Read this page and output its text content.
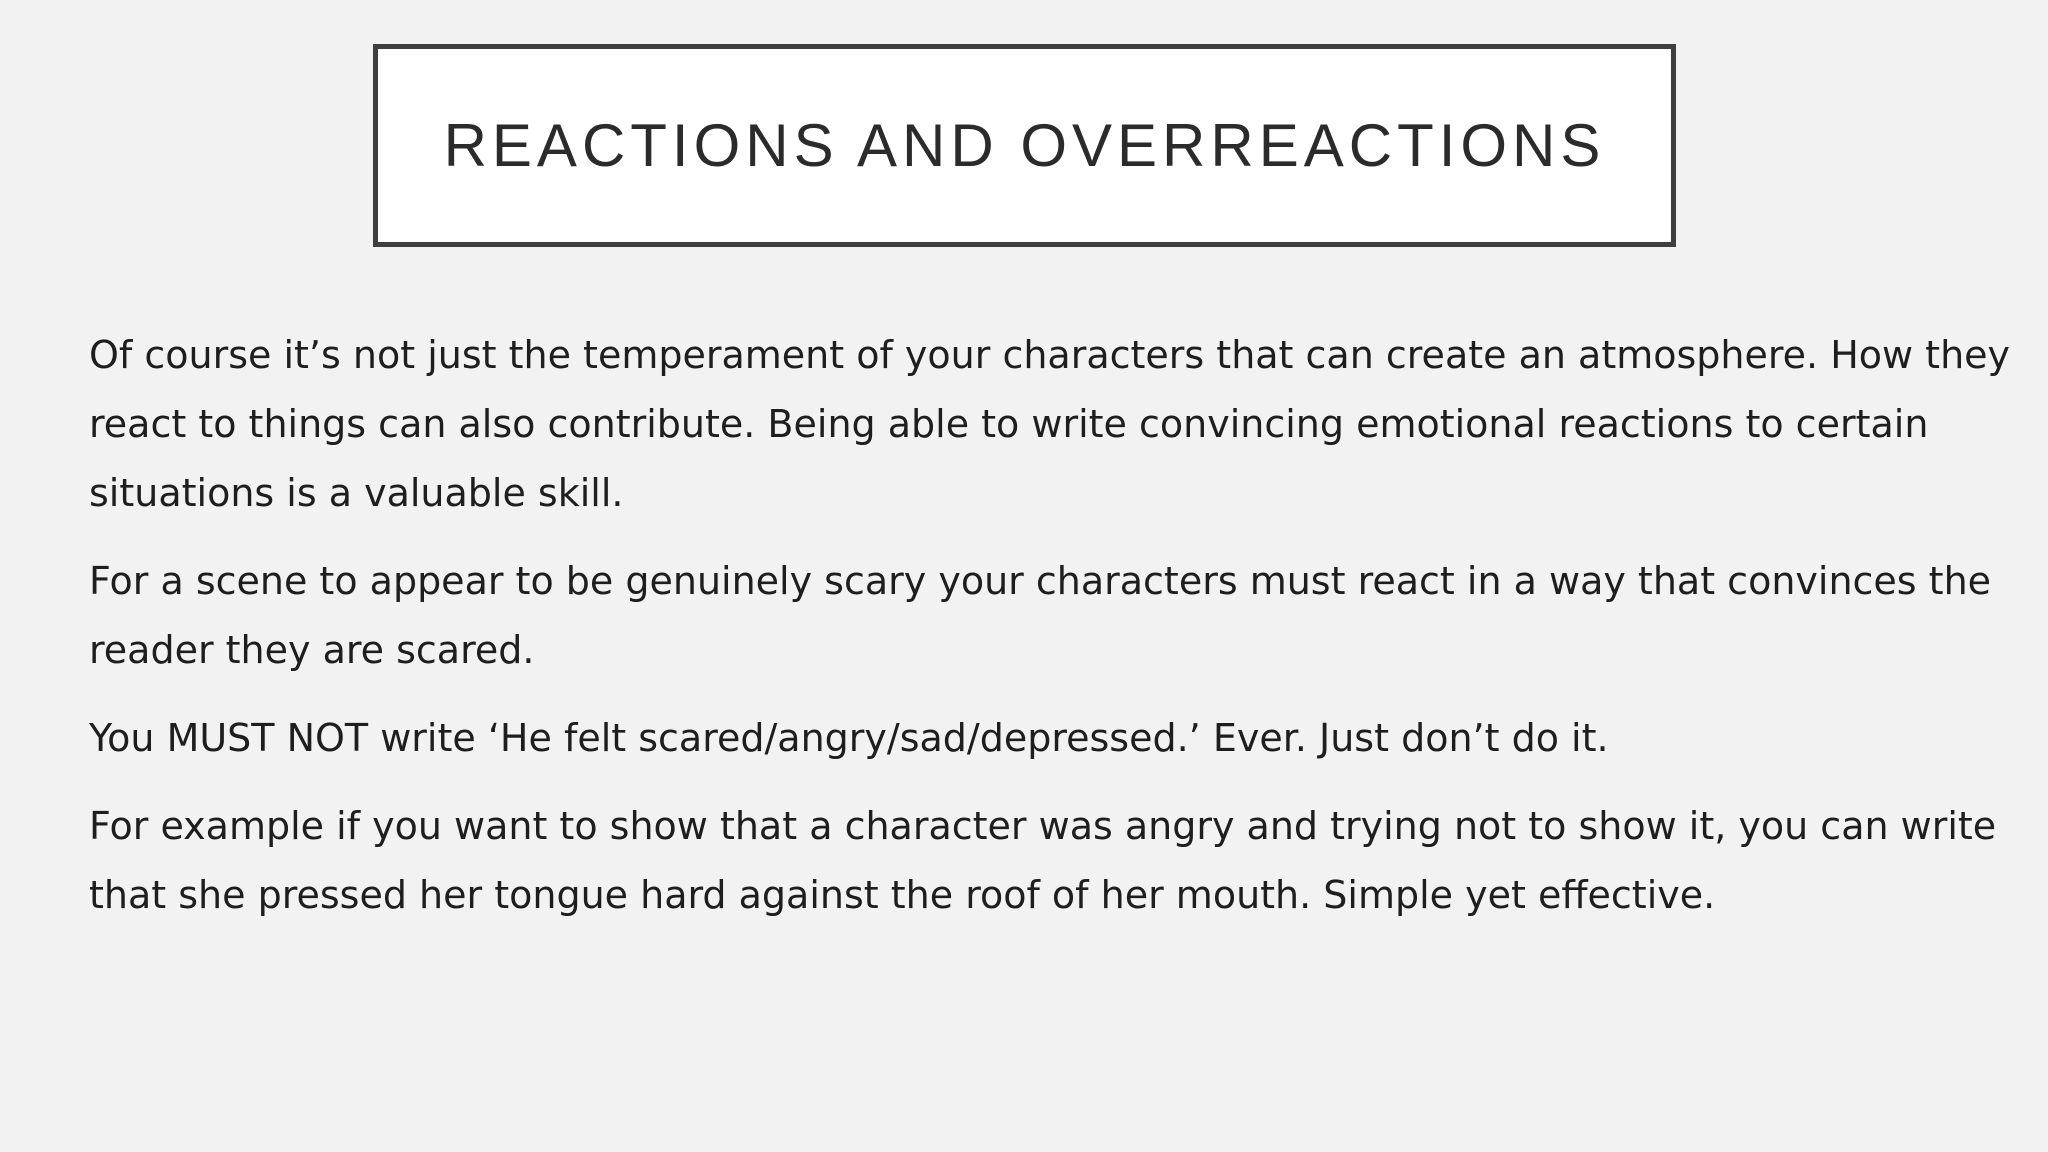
REACTIONS AND OVERREACTIONS

Of course it’s not just the temperament of your characters that can create an atmosphere. How they react to things can also contribute. Being able to write convincing emotional reactions to certain situations is a valuable skill.

For a scene to appear to be genuinely scary your characters must react in a way that convinces the reader they are scared.

You MUST NOT write ‘He felt scared/angry/sad/depressed.’ Ever. Just don’t do it.

For example if you want to show that a character was angry and trying not to show it, you can write that she pressed her tongue hard against the roof of her mouth. Simple yet effective.
